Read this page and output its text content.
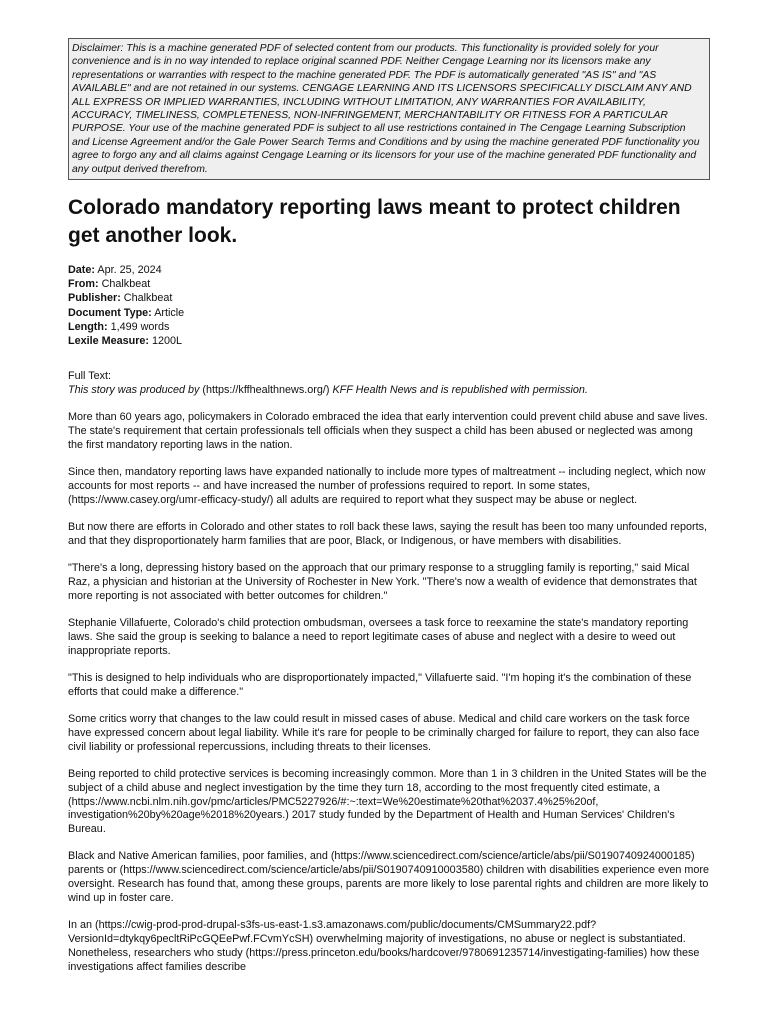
Disclaimer: This is a machine generated PDF of selected content from our products. This functionality is provided solely for your convenience and is in no way intended to replace original scanned PDF. Neither Cengage Learning nor its licensors make any representations or warranties with respect to the machine generated PDF. The PDF is automatically generated "AS IS" and "AS AVAILABLE" and are not retained in our systems. CENGAGE LEARNING AND ITS LICENSORS SPECIFICALLY DISCLAIM ANY AND ALL EXPRESS OR IMPLIED WARRANTIES, INCLUDING WITHOUT LIMITATION, ANY WARRANTIES FOR AVAILABILITY, ACCURACY, TIMELINESS, COMPLETENESS, NON-INFRINGEMENT, MERCHANTABILITY OR FITNESS FOR A PARTICULAR PURPOSE. Your use of the machine generated PDF is subject to all use restrictions contained in The Cengage Learning Subscription and License Agreement and/or the Gale Power Search Terms and Conditions and by using the machine generated PDF functionality you agree to forgo any and all claims against Cengage Learning or its licensors for your use of the machine generated PDF functionality and any output derived therefrom.
Colorado mandatory reporting laws meant to protect children get another look.
Date: Apr. 25, 2024
From: Chalkbeat
Publisher: Chalkbeat
Document Type: Article
Length: 1,499 words
Lexile Measure: 1200L
Full Text:
This story was produced by (https://kffhealthnews.org/) KFF Health News and is republished with permission.
More than 60 years ago, policymakers in Colorado embraced the idea that early intervention could prevent child abuse and save lives. The state's requirement that certain professionals tell officials when they suspect a child has been abused or neglected was among the first mandatory reporting laws in the nation.
Since then, mandatory reporting laws have expanded nationally to include more types of maltreatment -- including neglect, which now accounts for most reports -- and have increased the number of professions required to report. In some states, (https://www.casey.org/umr-efficacy-study/) all adults are required to report what they suspect may be abuse or neglect.
But now there are efforts in Colorado and other states to roll back these laws, saying the result has been too many unfounded reports, and that they disproportionately harm families that are poor, Black, or Indigenous, or have members with disabilities.
"There's a long, depressing history based on the approach that our primary response to a struggling family is reporting," said Mical Raz, a physician and historian at the University of Rochester in New York. "There's now a wealth of evidence that demonstrates that more reporting is not associated with better outcomes for children."
Stephanie Villafuerte, Colorado's child protection ombudsman, oversees a task force to reexamine the state's mandatory reporting laws. She said the group is seeking to balance a need to report legitimate cases of abuse and neglect with a desire to weed out inappropriate reports.
"This is designed to help individuals who are disproportionately impacted," Villafuerte said. "I'm hoping it's the combination of these efforts that could make a difference."
Some critics worry that changes to the law could result in missed cases of abuse. Medical and child care workers on the task force have expressed concern about legal liability. While it's rare for people to be criminally charged for failure to report, they can also face civil liability or professional repercussions, including threats to their licenses.
Being reported to child protective services is becoming increasingly common. More than 1 in 3 children in the United States will be the subject of a child abuse and neglect investigation by the time they turn 18, according to the most frequently cited estimate, a (https://www.ncbi.nlm.nih.gov/pmc/articles/PMC5227926/#:~:text=We%20estimate%20that%2037.4%25%20of, investigation%20by%20age%2018%20years.) 2017 study funded by the Department of Health and Human Services' Children's Bureau.
Black and Native American families, poor families, and (https://www.sciencedirect.com/science/article/abs/pii/S0190740924000185) parents or (https://www.sciencedirect.com/science/article/abs/pii/S0190740910003580) children with disabilities experience even more oversight. Research has found that, among these groups, parents are more likely to lose parental rights and children are more likely to wind up in foster care.
In an (https://cwig-prod-prod-drupal-s3fs-us-east-1.s3.amazonaws.com/public/documents/CMSummary22.pdf?VersionId=dtykqy6pecltRiPcGQEePwf.FCvmYcSH) overwhelming majority of investigations, no abuse or neglect is substantiated. Nonetheless, researchers who study (https://press.princeton.edu/books/hardcover/9780691235714/investigating-families) how these investigations affect families describe
